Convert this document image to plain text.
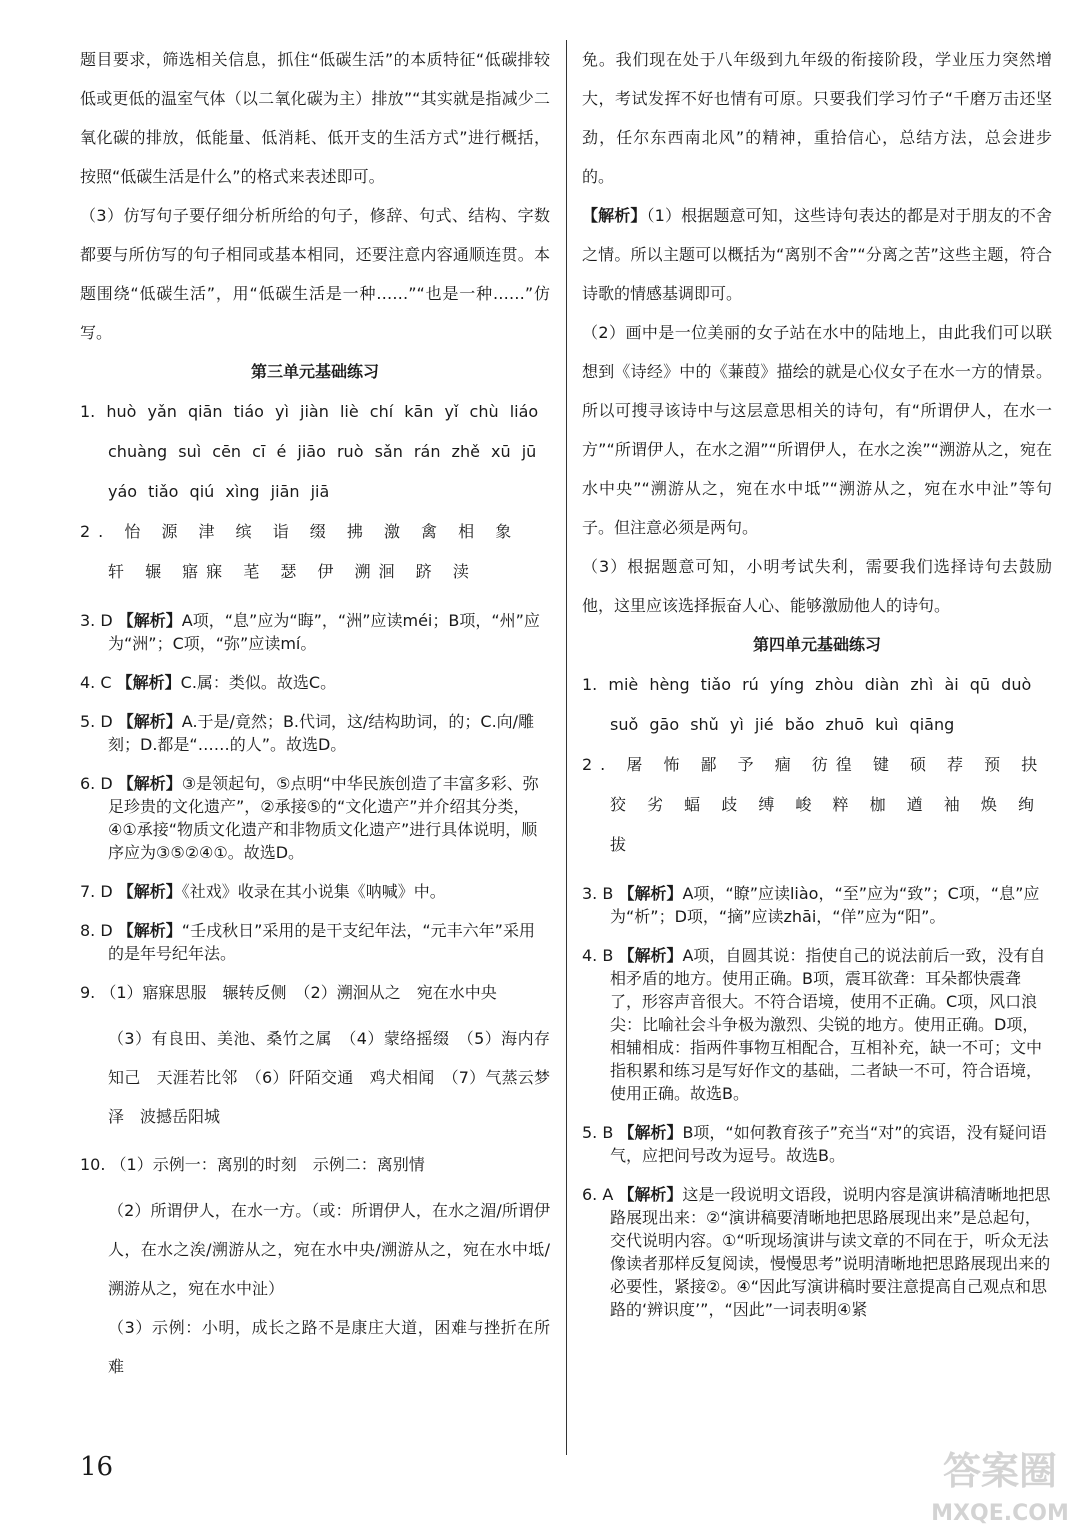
题目要求，筛选相关信息，抓住“低碳生活”的本质特征“低碳排较低或更低的温室气体（以二氧化碳为主）排放”“其实就是指减少二氧化碳的排放，低能量、低消耗、低开支的生活方式”进行概括，按照“低碳生活是什么”的格式来表述即可。

（3）仿写句子要仔细分析所给的句子，修辞、句式、结构、字数都要与所仿写的句子相同或基本相同，还要注意内容通顺连贯。本题围绕“低碳生活”，用“低碳生活是一种……”“也是一种……”仿写。

第三单元基础练习

1. huò yǎn qiān tiáo yì jiàn liè chí kān yǐ chù liáo chuàng suì cēn cī é jiāo ruò sǎn rán zhě xū jū yáo tiǎo qiú xìng jiān jiā

2. 怡 源 津 缤 诣 缀 拂 激 禽 相 象 轩 辗 寤寐 芼 瑟 伊 溯洄 跻 渎

3. D 【解析】A项，“息”应为“晦”，“洲”应读méi；B项，“州”应为“洲”；C项，“弥”应读mí。

4. C 【解析】C.属：类似。故选C。

5. D 【解析】A.于是/竟然；B.代词，这/结构助词，的；C.向/雕刻；D.都是“……的人”。故选D。

6. D 【解析】③是领起句，⑤点明“中华民族创造了丰富多彩、弥足珍贵的文化遗产”，②承接⑤的“文化遗产”并介绍其分类，④①承接“物质文化遗产和非物质文化遗产”进行具体说明，顺序应为③⑤②④①。故选D。

7. D 【解析】《社戏》收录在其小说集《呐喊》中。

8. D 【解析】“壬戌秋日”采用的是干支纪年法，“元丰六年”采用的是年号纪年法。

9. （1）寤寐思服　辗转反侧　（2）溯洄从之　宛在水中央

（3）有良田、美池、桑竹之属　（4）蒙络摇缀　（5）海内存知己　天涯若比邻　（6）阡陌交通　鸡犬相闻　（7）气蒸云梦泽　波撼岳阳城

10. （1）示例一：离别的时刻　示例二：离别情

（2）所谓伊人，在水一方。（或：所谓伊人，在水之湄/所谓伊人，在水之涘/溯游从之，宛在水中央/溯游从之，宛在水中坻/溯游从之，宛在水中沚）

（3）示例：小明，成长之路不是康庄大道，困难与挫折在所难

免。我们现在处于八年级到九年级的衔接阶段，学业压力突然增大，考试发挥不好也情有可原。只要我们学习竹子“千磨万击还坚劲，任尔东西南北风”的精神，重拾信心，总结方法，总会进步的。

【解析】（1）根据题意可知，这些诗句表达的都是对于朋友的不舍之情。所以主题可以概括为“离别不舍”“分离之苦”这些主题，符合诗歌的情感基调即可。

（2）画中是一位美丽的女子站在水中的陆地上，由此我们可以联想到《诗经》中的《蒹葭》描绘的就是心仪女子在水一方的情景。所以可搜寻该诗中与这层意思相关的诗句，有“所谓伊人，在水一方”“所谓伊人，在水之湄”“所谓伊人，在水之涘”“溯游从之，宛在水中央”“溯游从之，宛在水中坻”“溯游从之，宛在水中沚”等句子。但注意必须是两句。

（3）根据题意可知，小明考试失利，需要我们选择诗句去鼓励他，这里应该选择振奋人心、能够激励他人的诗句。

第四单元基础练习

1. miè hèng tiǎo rú yíng zhòu diàn zhì ài qū duò suǒ gāo shǔ yì jié bǎo zhuō kuì qiāng

2. 屠 怖 鄙 予 痼 彷徨 键 硕 荐 预 抉 狡 劣 蝠 歧 缚 峻 粹 枷 遒 袖 焕 绚 拔

3. B 【解析】A项，“瞭”应读liào，“至”应为“致”；C项，“息”应为“析”；D项，“摘”应读zhāi，“佯”应为“阳”。

4. B 【解析】A项，自圆其说：指使自己的说法前后一致，没有自相矛盾的地方。使用正确。B项，震耳欲聋：耳朵都快震聋了，形容声音很大。不符合语境，使用不正确。C项，风口浪尖：比喻社会斗争极为激烈、尖锐的地方。使用正确。D项，相辅相成：指两件事物互相配合，互相补充，缺一不可；文中指积累和练习是写好作文的基础，二者缺一不可，符合语境，使用正确。故选B。

5. B 【解析】B项，“如何教育孩子”充当“对”的宾语，没有疑问语气，应把问号改为逗号。故选B。

6. A 【解析】这是一段说明文语段，说明内容是演讲稿清晰地把思路展现出来：②“演讲稿要清晰地把思路展现出来”是总起句，交代说明内容。①“听现场演讲与读文章的不同在于，听众无法像读者那样反复阅读，慢慢思考”说明清晰地把思路展现出来的必要性，紧接②。④“因此写演讲稿时要注意提高自己观点和思路的‘辨识度’”，“因此”一词表明④紧

16	答案圈
MXQE.COM
